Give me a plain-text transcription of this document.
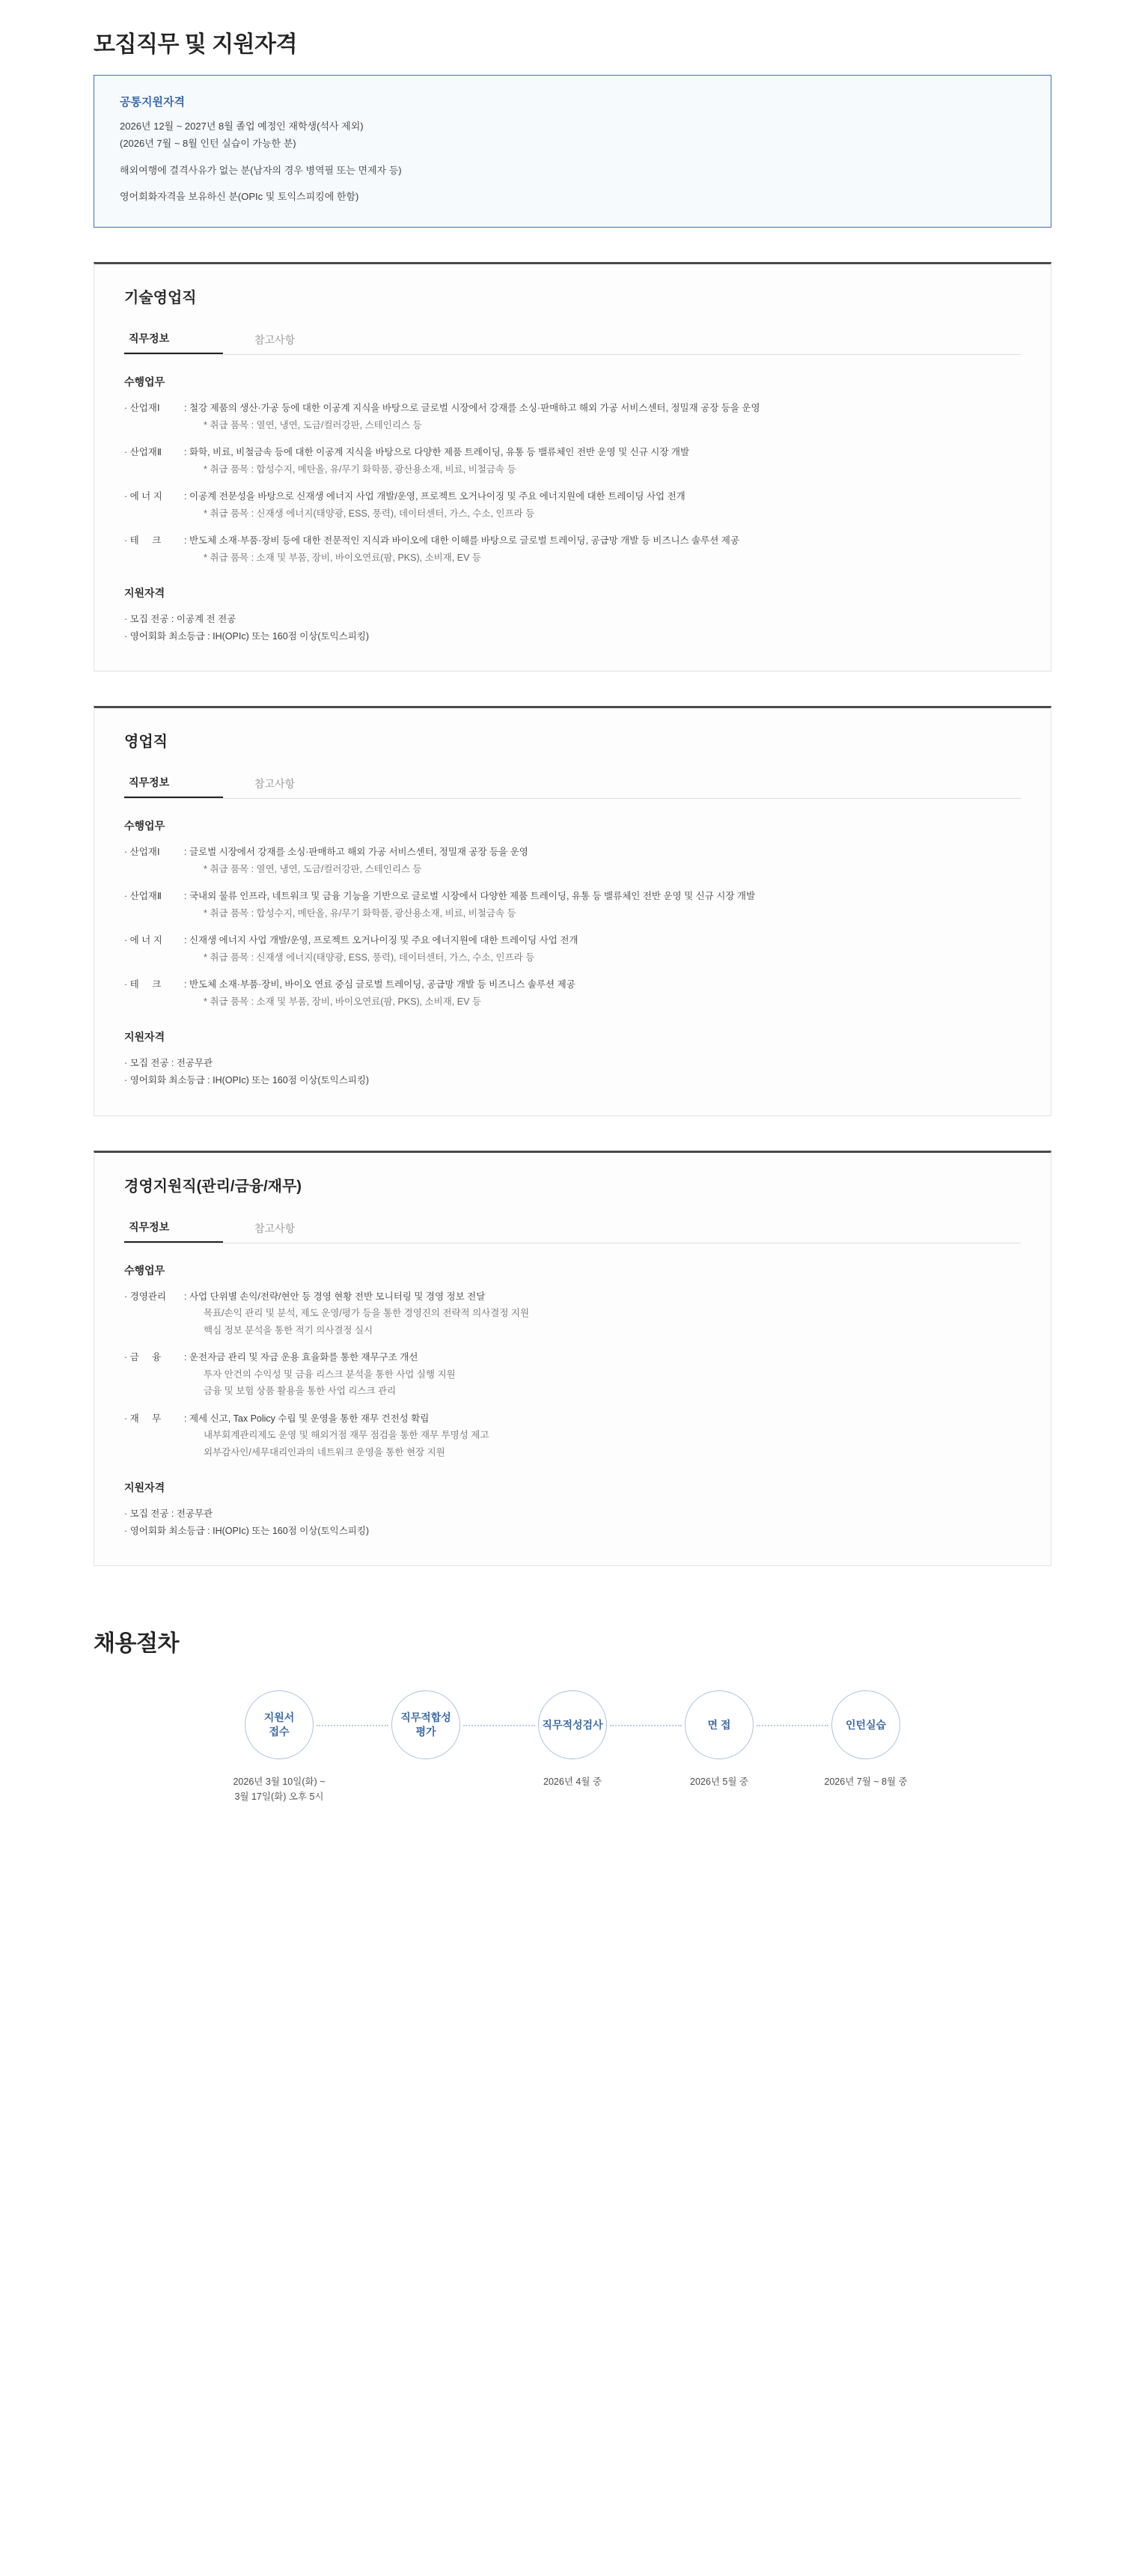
모집직무 및 지원자격
공통지원자격
2026년 12월 ~ 2027년 8월 졸업 예정인 재학생(석사 제외)
(2026년 7월 ~ 8월 인턴 실습이 가능한 분)
해외여행에 결격사유가 없는 분(남자의 경우 병역필 또는 면제자 등)
영어회화자격을 보유하신 분(OPIc 및 토익스피킹에 한함)
기술영업직
직무정보	참고사항
수행업무
· 산업재Ⅰ	: 철강 제품의 생산·가공 등에 대한 이공계 지식을 바탕으로 글로벌 시장에서 강재를 소싱·판매하고 해외 가공 서비스센터, 정밀재 공장 등을 운영
* 취급 품목 : 열연, 냉연, 도금/컬러강판, 스테인리스 등
· 산업재Ⅱ	: 화학, 비료, 비철금속 등에 대한 이공계 지식을 바탕으로 다양한 제품 트레이딩, 유통 등 밸류체인 전반 운영 및 신규 시장 개발
* 취급 품목 : 합성수지, 메탄올, 유/무기 화학품, 광산용소재, 비료, 비철금속 등
· 에 너 지	: 이공계 전문성을 바탕으로 신재생 에너지 사업 개발/운영, 프로젝트 오거나이징 및 주요 에너지원에 대한 트레이딩 사업 전개
* 취급 품목 : 신재생 에너지(태양광, ESS, 풍력), 데이터센터, 가스, 수소, 인프라 등
· 테     크	: 반도체 소재·부품·장비 등에 대한 전문적인 지식과 바이오에 대한 이해를 바탕으로 글로벌 트레이딩, 공급망 개발 등 비즈니스 솔루션 제공
* 취급 품목 : 소재 및 부품, 장비, 바이오연료(팜, PKS), 소비재, EV 등
지원자격
· 모집 전공 : 이공계 전 전공
· 영어회화 최소등급 : IH(OPIc) 또는 160점 이상(토익스피킹)
영업직
직무정보	참고사항
수행업무
· 산업재Ⅰ	: 글로벌 시장에서 강재를 소싱·판매하고 해외 가공 서비스센터, 정밀재 공장 등을 운영
* 취급 품목 : 열연, 냉연, 도금/컬러강판, 스테인리스 등
· 산업재Ⅱ	: 국내외 물류 인프라, 네트워크 및 금융 기능을 기반으로 글로벌 시장에서 다양한 제품 트레이딩, 유통 등 밸류체인 전반 운영 및 신규 시장 개발
* 취급 품목 : 합성수지, 메탄올, 유/무기 화학품, 광산용소재, 비료, 비철금속 등
· 에 너 지	: 신재생 에너지 사업 개발/운영, 프로젝트 오거나이징 및 주요 에너지원에 대한 트레이딩 사업 전개
* 취급 품목 : 신재생 에너지(태양광, ESS, 풍력), 데이터센터, 가스, 수소, 인프라 등
· 테     크	: 반도체 소재·부품·장비, 바이오 연료 중심 글로벌 트레이딩, 공급망 개발 등 비즈니스 솔루션 제공
* 취급 품목 : 소재 및 부품, 장비, 바이오연료(팜, PKS), 소비재, EV 등
지원자격
· 모집 전공 : 전공무관
· 영어회화 최소등급 : IH(OPIc) 또는 160점 이상(토익스피킹)
경영지원직(관리/금융/재무)
직무정보	참고사항
수행업무
· 경영관리	: 사업 단위별 손익/전략/현안 등 경영 현황 전반 모니터링 및 경영 정보 전달
목표/손익 관리 및 분석, 제도 운영/평가 등을 통한 경영진의 전략적 의사결정 지원
핵심 정보 분석을 통한 적기 의사결정 실시
· 금     융	: 운전자금 관리 및 자금 운용 효율화를 통한 재무구조 개선
투자 안건의 수익성 및 금융 리스크 분석을 통한 사업 실행 지원
금융 및 보험 상품 활용을 통한 사업 리스크 관리
· 재     무	: 제세 신고, Tax Policy 수립 및 운영을 통한 재무 건전성 확립
내부회계관리제도 운영 및 해외거점 재무 점검을 통한 재무 투명성 제고
외부감사인/세무대리인과의 네트워크 운영을 통한 현장 지원
지원자격
· 모집 전공 : 전공무관
· 영어회화 최소등급 : IH(OPIc) 또는 160점 이상(토익스피킹)
채용절차
지원서
접수
2026년 3월 10일(화) ~
3월 17일(화) 오후 5시
직무적합성
평가
직무적성검사
2026년 4월 중
면 접
2026년 5월 중
인턴실습
2026년 7월 ~ 8월 중
